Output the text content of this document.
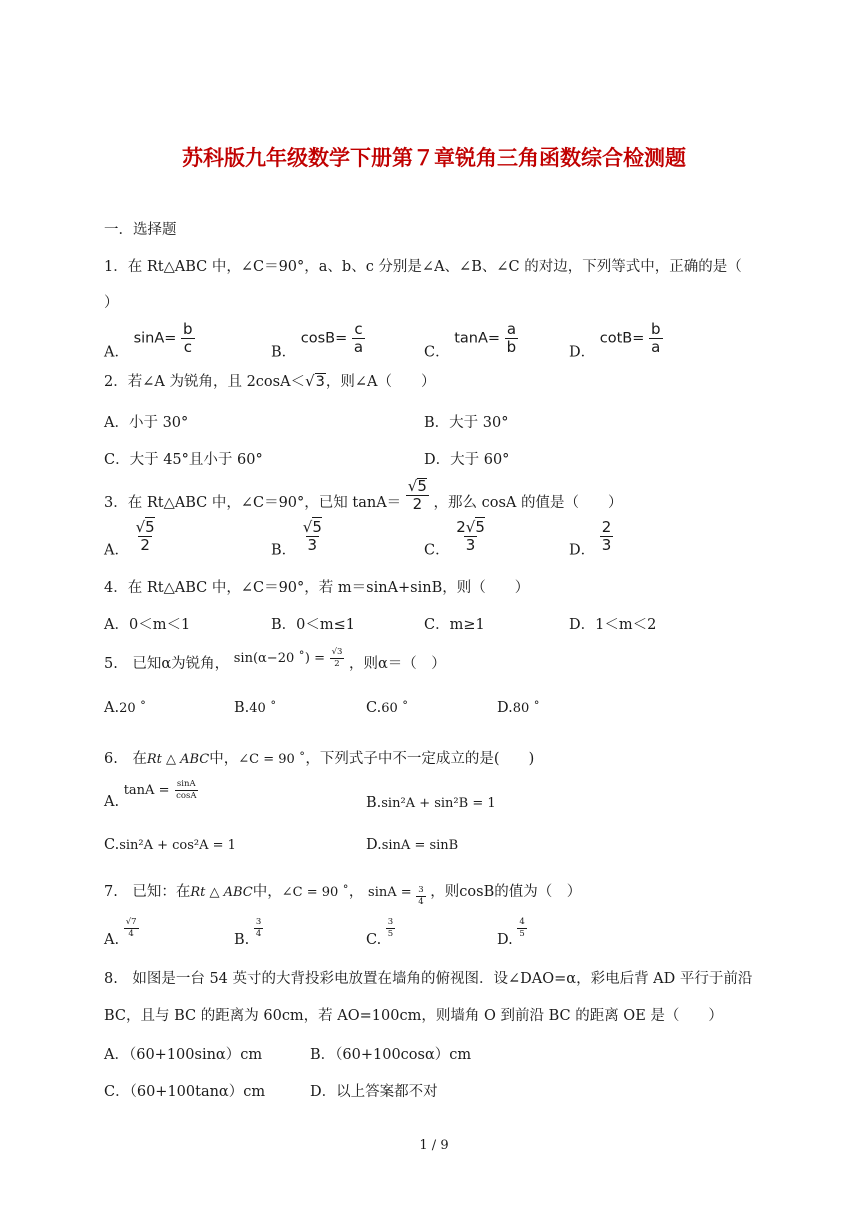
苏科版九年级数学下册第７章锐角三角函数综合检测题
一．选择题
1．在 Rt△ABC 中，∠C＝90°，a、b、c 分别是∠A、∠B、∠C 的对边，下列等式中，正确的是（
）
A． $\sin A= \frac{b}{c}$	B． $\cos B= \frac{c}{a}$	C． $\tan A= \frac{a}{b}$	D． $\cot B= \frac{b}{a}$
2．若∠A 为锐角，且 2cosA＜√3，则∠A（　　）
A．小于 30°	B．大于 30°
C．大于 45°且小于 60°	D．大于 60°
3．在 Rt△ABC 中，∠C＝90°，已知 $\tan A= \frac{√5}{2}$ ，那么 cosA 的值是（　　）
A． $\frac{√5}{2}$	B． $\frac{√5}{3}$	C． $\frac{2√5}{3}$	D． $\frac{2}{3}$
4．在 Rt△ABC 中，∠C＝90°，若 m＝sinA+sinB，则（　　）
A．0＜m＜1	B．0＜m≤1	C．m≥1	D．1＜m＜2
5.　已知α为锐角， sin(α−20 ˚) = $\frac{√3}{2}$ ，则α＝（　）
A.20 ˚	B.40 ˚	C.60 ˚	D.80 ˚
6.　在Rt △ ABC中，∠C = 90 ˚，下列式子中不一定成立的是(　　)
A. $\tan A = \frac{\sin A}{\cos A}$
B.sin²A + sin²B = 1
C.sin²A + cos²A = 1	D.sinA = sinB
7.　已知：在Rt △ ABC中，∠C = 90 ˚， $\sin A = \frac{3}{4}$ ，则cosB的值为（　）
A.
$\frac{√7}{4}$
B.
$\frac{3}{4}$
C.
$\frac{3}{5}$
D.
$\frac{4}{5}$
8.　如图是一台 54 英寸的大背投彩电放置在墙角的俯视图．设∠DAO=α，彩电后背 AD 平行于前沿
BC，且与 BC 的距离为 60cm，若 AO=100cm，则墙角 O 到前沿 BC 的距离 OE 是（　　）
A．（60+100sinα）cm	B．（60+100cosα）cm
C．（60+100tanα）cm	D．以上答案都不对
1 / 9
